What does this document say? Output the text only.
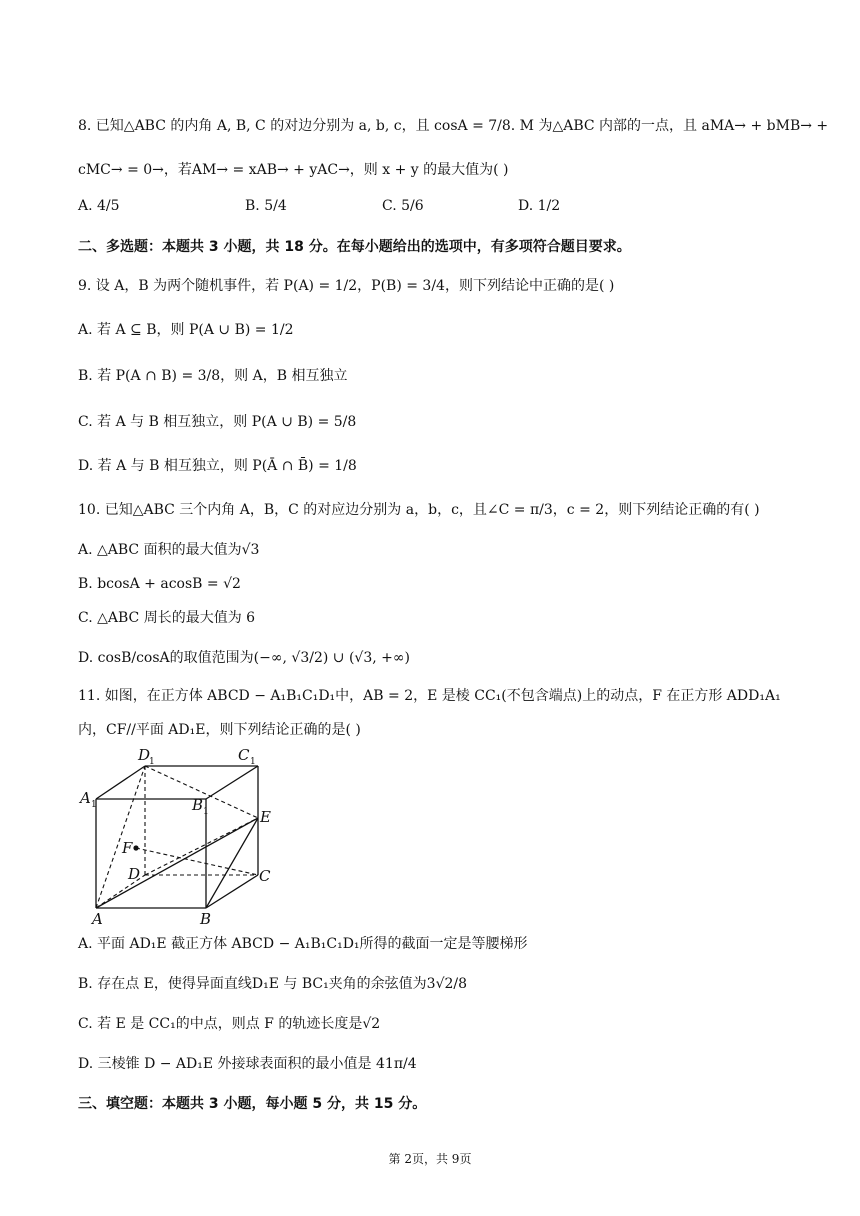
8. 已知△ABC 的内角 A, B, C 的对边分别为 a, b, c，且 cosA = 7/8. M 为△ABC 内部的一点，且 aMA→ + bMB→ +
cMC→ = 0→，若AM→ = xAB→ + yAC→，则 x + y 的最大值为( )
A. 4/5	B. 5/4	C. 5/6	D. 1/2
二、多选题：本题共 3 小题，共 18 分。在每小题给出的选项中，有多项符合题目要求。
9. 设 A，B 为两个随机事件，若 P(A) = 1/2，P(B) = 3/4，则下列结论中正确的是( )
A. 若 A ⊆ B，则 P(A ∪ B) = 1/2
B. 若 P(A ∩ B) = 3/8，则 A，B 相互独立
C. 若 A 与 B 相互独立，则 P(A ∪ B) = 5/8
D. 若 A 与 B 相互独立，则 P(Ā ∩ B̄) = 1/8
10. 已知△ABC 三个内角 A，B，C 的对应边分别为 a，b，c，且∠C = π/3，c = 2，则下列结论正确的有( )
A. △ABC 面积的最大值为√3
B. bcosA + acosB = √2
C. △ABC 周长的最大值为 6
D. cosB/cosA的取值范围为(−∞, √3/2) ∪ (√3, +∞)
11. 如图，在正方体 ABCD − A₁B₁C₁D₁中，AB = 2，E 是棱 CC₁(不包含端点)上的动点，F 在正方形 ADD₁A₁
内，CF//平面 AD₁E，则下列结论正确的是( )
D
1	C 1
A 1	B 1	E
F
D	C
A	B
A. 平面 AD₁E 截正方体 ABCD − A₁B₁C₁D₁所得的截面一定是等腰梯形
B. 存在点 E，使得异面直线D₁E 与 BC₁夹角的余弦值为3√2/8
C. 若 E 是 CC₁的中点，则点 F 的轨迹长度是√2
D. 三棱锥 D − AD₁E 外接球表面积的最小值是 41π/4
三、填空题：本题共 3 小题，每小题 5 分，共 15 分。
第 2页，共 9页
